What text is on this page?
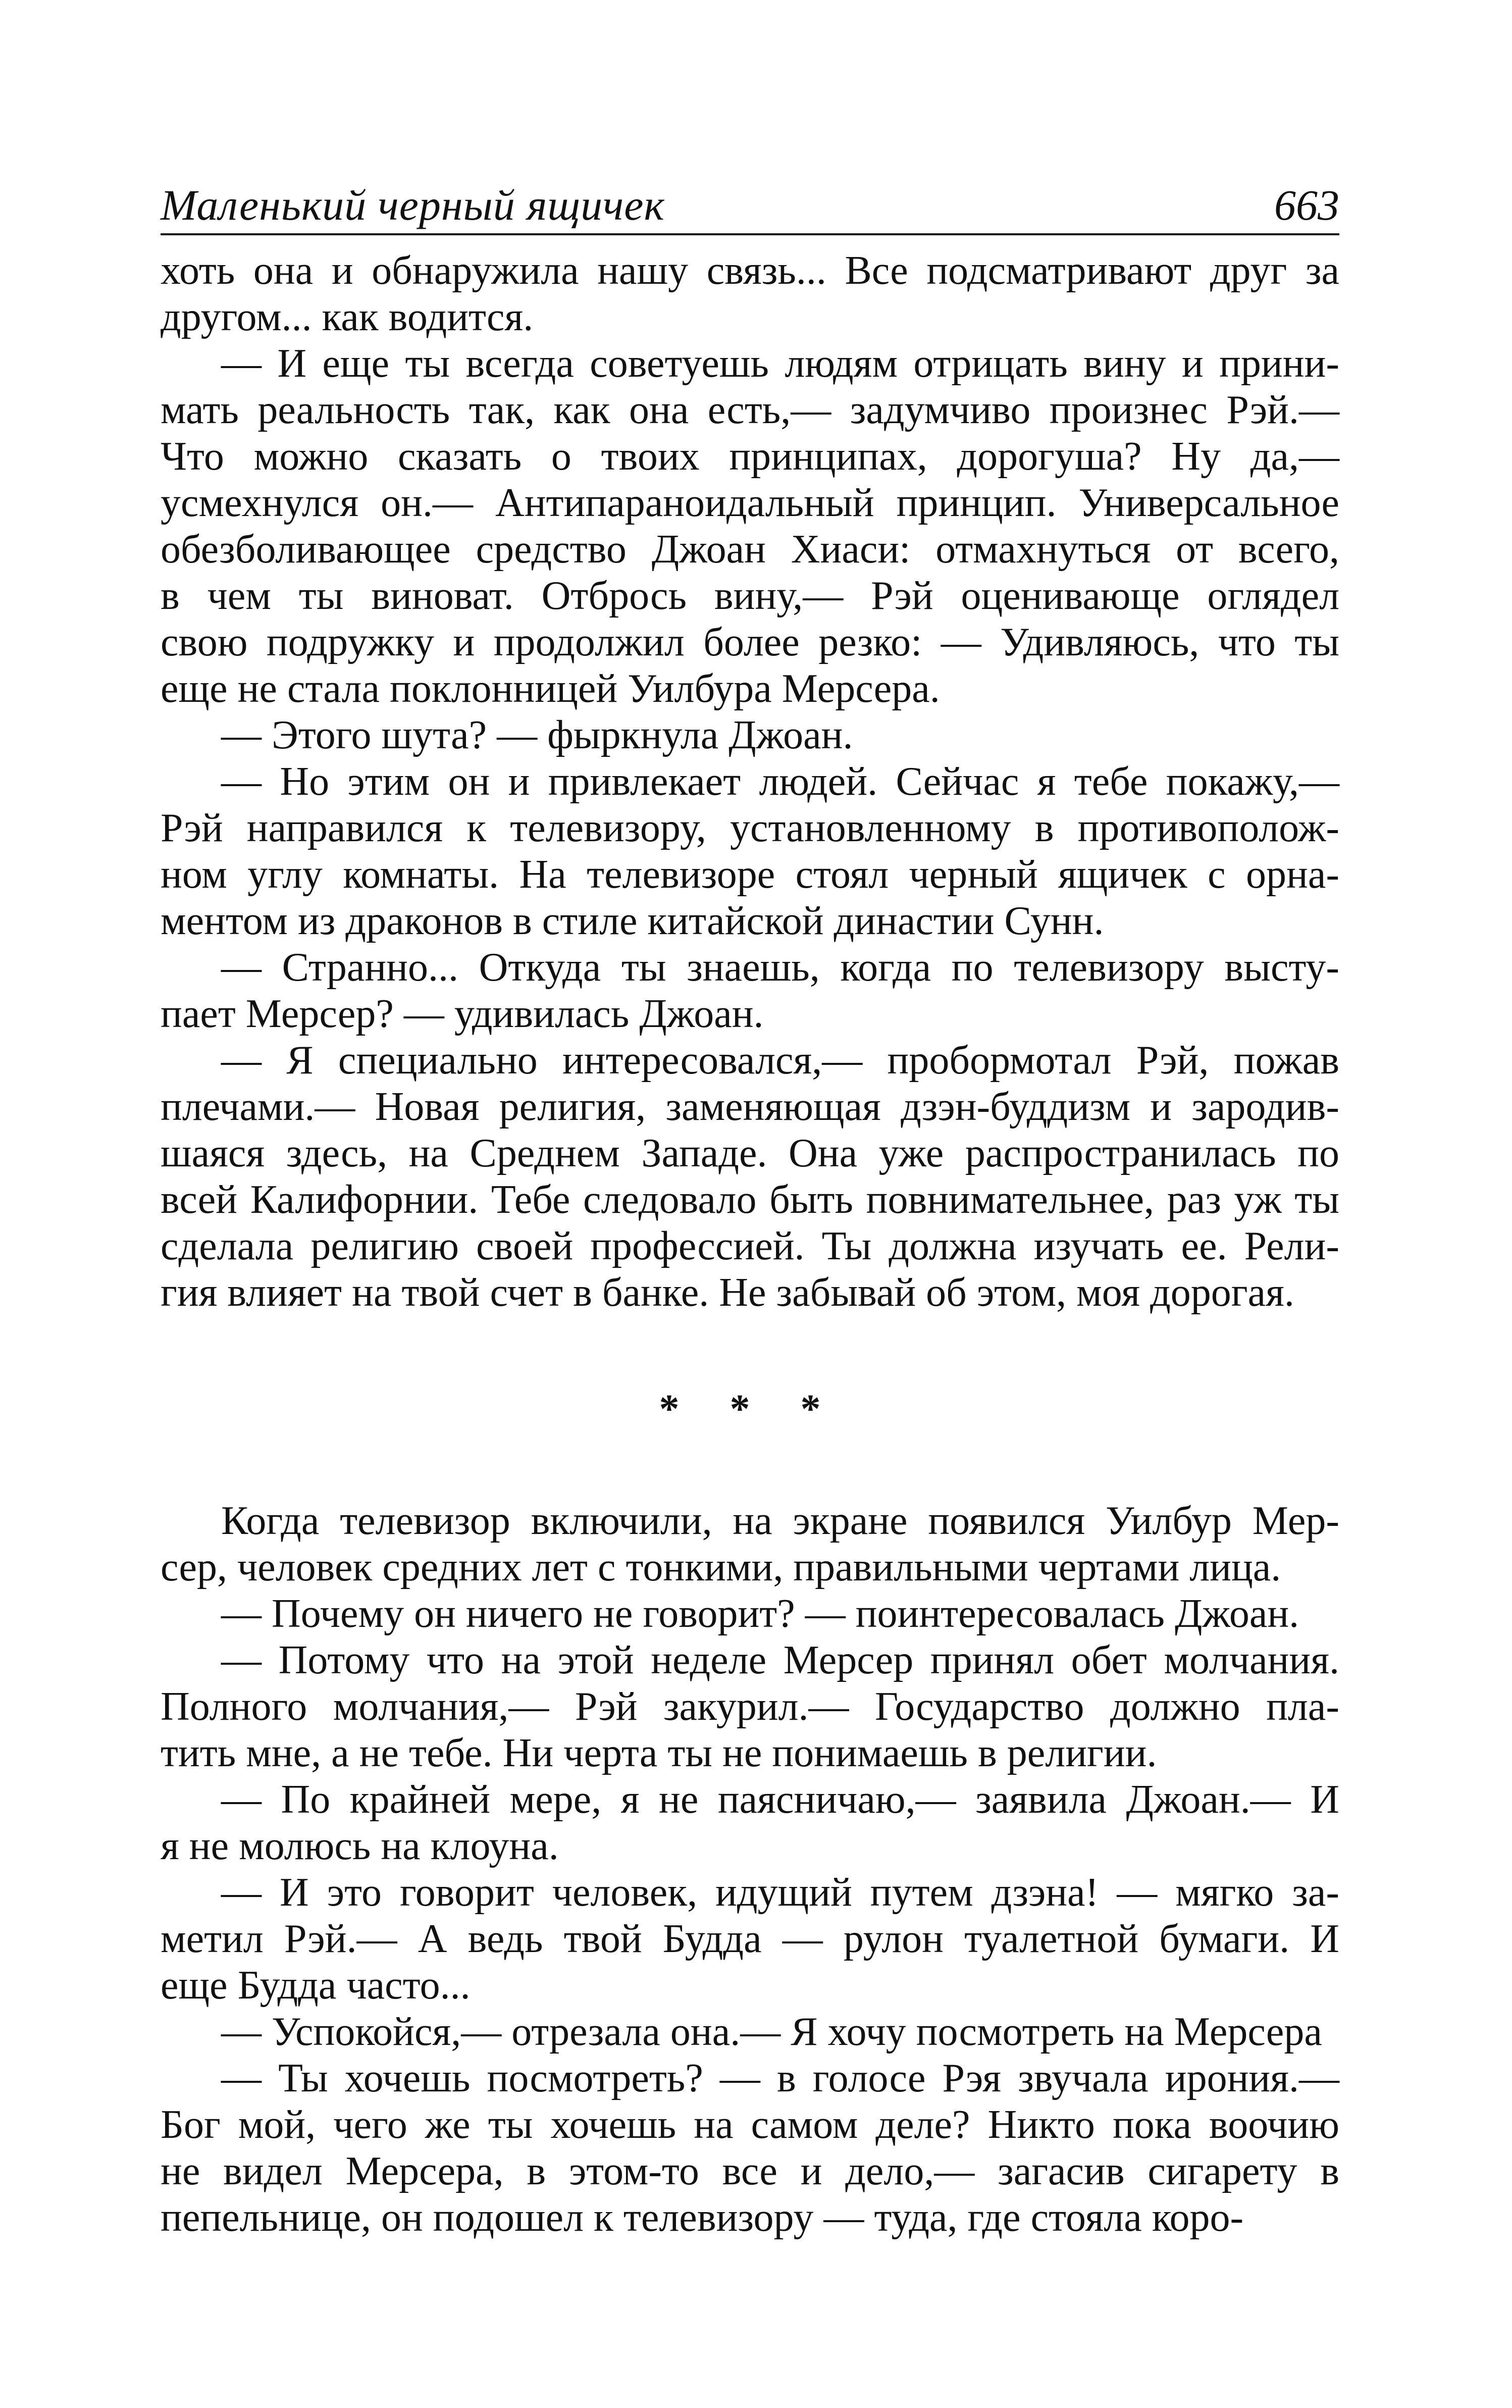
Маленький черный ящичек	663
хоть она и обнаружила нашу связь... Все подсматривают друг за
другом... как водится.
— И еще ты всегда советуешь людям отрицать вину и прини-
мать реальность так, как она есть,— задумчиво произнес Рэй.—
Что можно сказать о твоих принципах, дорогуша? Ну да,—
усмехнулся он.— Антипараноидальный принцип. Универсальное
обезболивающее средство Джоан Хиаси: отмахнуться от всего,
в чем ты виноват. Отбрось вину,— Рэй оценивающе оглядел
свою подружку и продолжил более резко: — Удивляюсь, что ты
еще не стала поклонницей Уилбура Мерсера.
— Этого шута? — фыркнула Джоан.
— Но этим он и привлекает людей. Сейчас я тебе покажу,—
Рэй направился к телевизору, установленному в противополож-
ном углу комнаты. На телевизоре стоял черный ящичек с орна-
ментом из драконов в стиле китайской династии Сунн.
— Странно... Откуда ты знаешь, когда по телевизору высту-
пает Мерсер? — удивилась Джоан.
— Я специально интересовался,— пробормотал Рэй, пожав
плечами.— Новая религия, заменяющая дзэн-буддизм и зародив-
шаяся здесь, на Среднем Западе. Она уже распространилась по
всей Калифорнии. Тебе следовало быть повнимательнее, раз уж ты
сделала религию своей профессией. Ты должна изучать ее. Рели-
гия влияет на твой счет в банке. Не забывай об этом, моя дорогая.
* * *
Когда телевизор включили, на экране появился Уилбур Мер-
сер, человек средних лет с тонкими, правильными чертами лица.
— Почему он ничего не говорит? — поинтересовалась Джоан.
— Потому что на этой неделе Мерсер принял обет молчания.
Полного молчания,— Рэй закурил.— Государство должно пла-
тить мне, а не тебе. Ни черта ты не понимаешь в религии.
— По крайней мере, я не паясничаю,— заявила Джоан.— И
я не молюсь на клоуна.
— И это говорит человек, идущий путем дзэна! — мягко за-
метил Рэй.— А ведь твой Будда — рулон туалетной бумаги. И
еще Будда часто...
— Успокойся,— отрезала она.— Я хочу посмотреть на Мерсера
— Ты хочешь посмотреть? — в голосе Рэя звучала ирония.—
Бог мой, чего же ты хочешь на самом деле? Никто пока воочию
не видел Мерсера, в этом-то все и дело,— загасив сигарету в
пепельнице, он подошел к телевизору — туда, где стояла коро-
